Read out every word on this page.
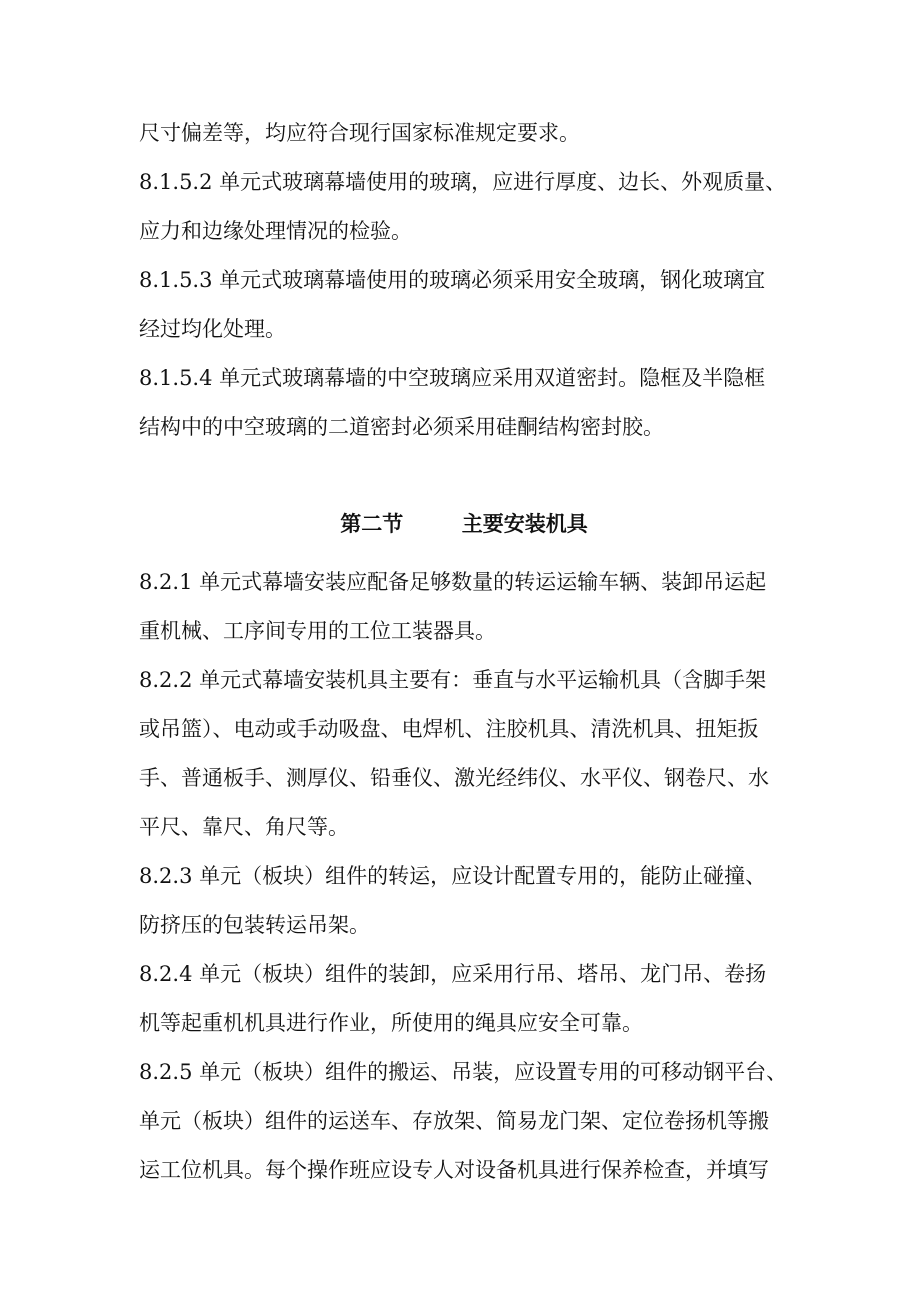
尺寸偏差等，均应符合现行国家标准规定要求。
8.1.5.2 单元式玻璃幕墙使用的玻璃，应进行厚度、边长、外观质量、
应力和边缘处理情况的检验。
8.1.5.3 单元式玻璃幕墙使用的玻璃必须采用安全玻璃，钢化玻璃宜
经过均化处理。
8.1.5.4 单元式玻璃幕墙的中空玻璃应采用双道密封。隐框及半隐框
结构中的中空玻璃的二道密封必须采用硅酮结构密封胶。
第二节        主要安装机具
8.2.1 单元式幕墙安装应配备足够数量的转运运输车辆、装卸吊运起
重机械、工序间专用的工位工装器具。
8.2.2 单元式幕墙安装机具主要有：垂直与水平运输机具（含脚手架
或吊篮）、电动或手动吸盘、电焊机、注胶机具、清洗机具、扭矩扳
手、普通板手、测厚仪、铅垂仪、激光经纬仪、水平仪、钢卷尺、水
平尺、靠尺、角尺等。
8.2.3 单元（板块）组件的转运，应设计配置专用的，能防止碰撞、
防挤压的包装转运吊架。
8.2.4 单元（板块）组件的装卸，应采用行吊、塔吊、龙门吊、卷扬
机等起重机机具进行作业，所使用的绳具应安全可靠。
8.2.5 单元（板块）组件的搬运、吊装，应设置专用的可移动钢平台、
单元（板块）组件的运送车、存放架、简易龙门架、定位卷扬机等搬
运工位机具。每个操作班应设专人对设备机具进行保养检查，并填写
